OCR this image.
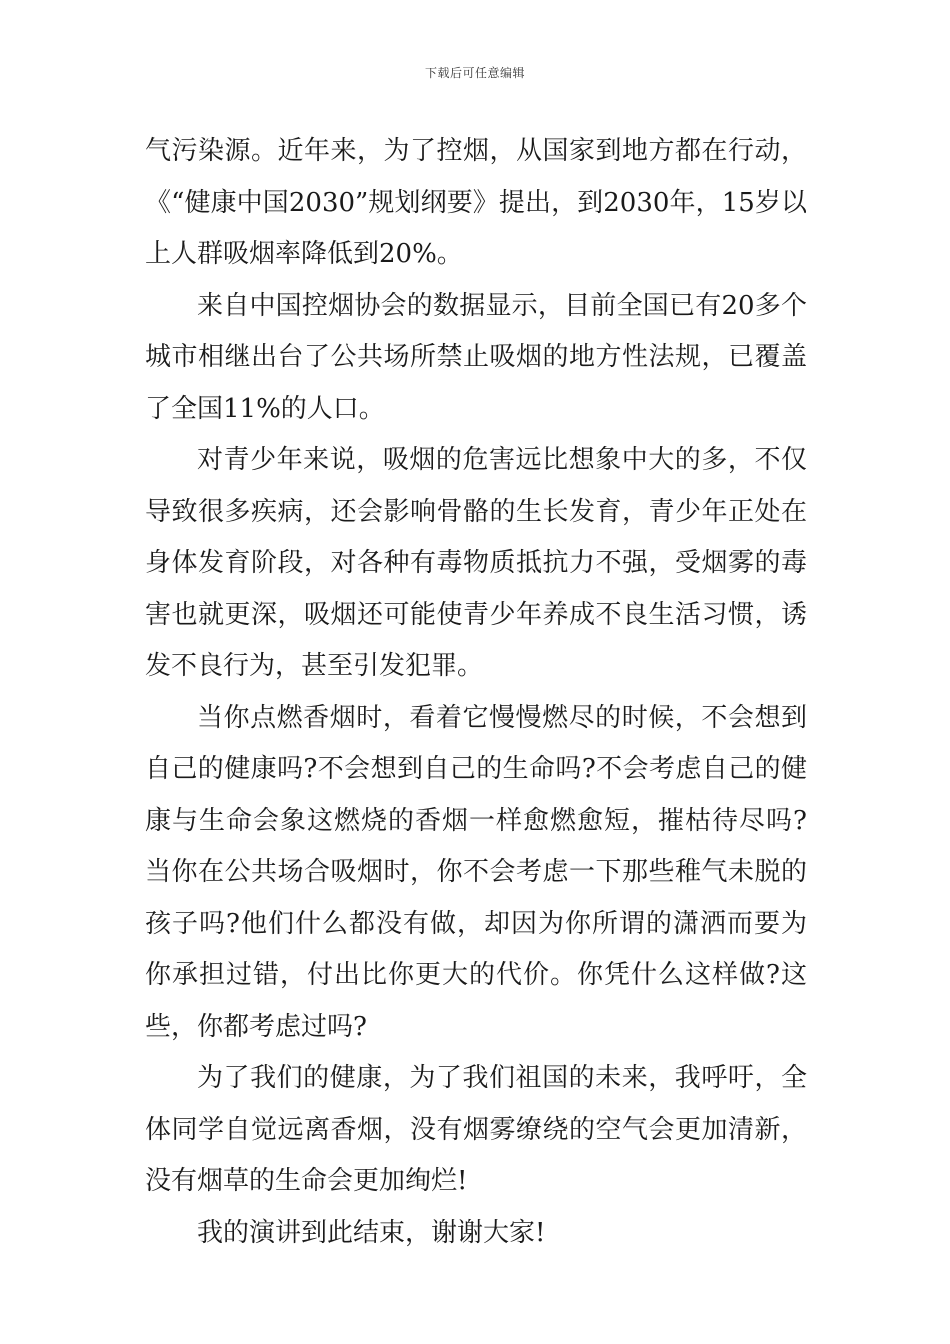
下载后可任意编辑

气污染源。近年来，为了控烟，从国家到地方都在行动，《“健康中国2030”规划纲要》提出，到2030年，15岁以上人群吸烟率降低到20%。

来自中国控烟协会的数据显示，目前全国已有20多个城市相继出台了公共场所禁止吸烟的地方性法规，已覆盖了全国11%的人口。

对青少年来说，吸烟的危害远比想象中大的多，不仅导致很多疾病，还会影响骨骼的生长发育，青少年正处在身体发育阶段，对各种有毒物质抵抗力不强，受烟雾的毒害也就更深，吸烟还可能使青少年养成不良生活习惯，诱发不良行为，甚至引发犯罪。

当你点燃香烟时，看着它慢慢燃尽的时候，不会想到自己的健康吗?不会想到自己的生命吗?不会考虑自己的健康与生命会象这燃烧的香烟一样愈燃愈短，摧枯待尽吗?当你在公共场合吸烟时，你不会考虑一下那些稚气未脱的孩子吗?他们什么都没有做，却因为你所谓的潇洒而要为你承担过错，付出比你更大的代价。你凭什么这样做?这些，你都考虑过吗?

为了我们的健康，为了我们祖国的未来，我呼吁，全体同学自觉远离香烟，没有烟雾缭绕的空气会更加清新，没有烟草的生命会更加绚烂!

我的演讲到此结束，谢谢大家!
